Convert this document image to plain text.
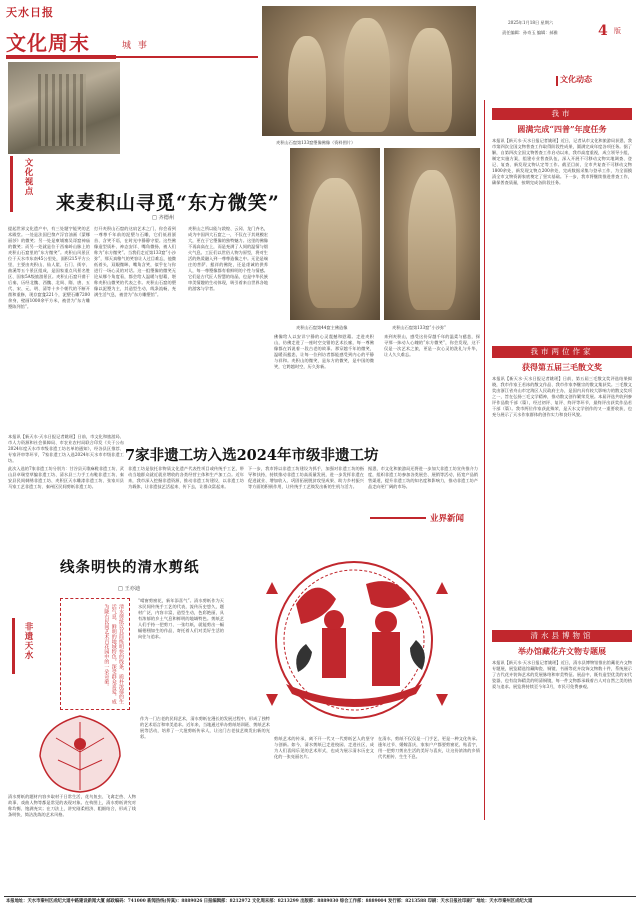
天水日报
文化周末	城 事
2025年1月18日 星期六
责任编辑：孙奇玉 编辑：郝雅	4 版
麦积山石窟第133窟塑像佛像（资料图片）
文化视点
来麦积山寻觅“东方微笑”
□ 齐德州
提起世界文化遗产中，有三处题字能笑的艺术殿堂。一处是法国巴黎卢浮宫油画《蒙娜丽莎》的微笑；另一处是柬埔寨吴哥窟神庙的微笑；而另一处就是位于西秦岭山脉上的麦积山石窟里的“东方微笑”。麦积山风景区位于天水市东南45公里处，面积215平方公里，主要由麦积山、仙人崖、石门、街亭、曲溪等五个景区组成，是国家重点风景名胜区、国家5A级旅游景区。麦积山石窟开凿于后秦，历经北魏、西魏、北周、隋、唐、五代、宋、元、明、清等十多个朝代的不断开凿和重修，现存窟龛221个，泥塑石雕7200余身，壁画1000余平方米，被誉为“东方雕塑陈列馆”。
打开麦积山石窟的这扇艺术之门，你会看到一尊尊千年前的泥塑与石雕，它们低眉颔首、含笑不语，在时光中静静守望。这些佛像造型质朴、神态安详、嘴角微扬，被人们称为“东方微笑”。当我们走近第133窟“小沙弥”，那天真稚气的笑容让人过目难忘，他微低着头，双眼微眯，嘴角含笑，似乎在与你进行一场心灵的对话。这一组塑像的微笑无论从哪个角度看，都会给人温暖与慰藉，堪称麦积山微笑的代表之作。麦积山石窟的塑像以泥塑为主，其造型生动，线条流畅，充满生活气息，被誉为“东方雕塑馆”。
麦积山之所以能与敦煌、云冈、龙门齐名，成为中国四大石窟之一，不仅在于其规模宏大，更在于它塑像的独特魅力。这里的佛像不再高高在上，而是充满了人间的温情与烟火气息。工匠们以世俗人物为原型，将对生活的热爱融入到一尊尊造像之中。无论是端庄的菩萨、慈祥的佛陀，还是虔诚的供养人，每一尊塑像都有着鲜明的个性与情感。它们是古代匠人智慧的结晶，也是中华民族审美情趣的生动体现，吸引着来自世界各地的游客与学者。
麦积山石窟第44窟主佛造像	麦积山石窟第133窟“小沙弥”
佛像给人以安详宁静的心灵震撼和慰藉。走进麦积山，仿佛走进了一座时空交错的艺术长廊，每一尊佛像都在诉说着一段古老的故事。那穿越千年的微笑，温暖而慈悲，让每一位到访者都能感受到内心的平静与祥和。麦积山的微笑，是东方的微笑，是中国的微笑，它跨越时空，历久弥新。
来到麦积山，感受这份穿越千年的温柔与慈悲，探寻那一抹动人心魄的“东方微笑”，你会发现，这不仅是一次艺术之旅，更是一次心灵的洗礼与升华，让人久久难忘。
7家非遗工坊入选2024年市级非遗工坊
本报讯【新天水·天水日报记者姚瑶】日前，市文化和旅游局、市人力资源和社会保障局、市农业农村局联合印发《关于公布2024年度天水市市级非遗工坊名单的通知》，经各县区推荐、专家评审等环节，7家非遗工坊入选2024年天水市市级非遗工坊。
此次入选的7家非遗工坊分别为：甘谷县天歌麻鞋非遗工坊、武山县卓瑞堂草编非遗工坊、清水县三力手工布鞋非遗工坊、秦安县民间刺绣非遗工坊、麦积区天水雕漆非遗工坊、张家川县马家工艺非遗工坊、秦州区民间剪纸非遗工坊。
非遗工坊是依托非物质文化遗产代表性项目或传统手工艺，带动当地群众就近就业增收的各类经营主体和生产加工点。近年来，我市深入挖掘非遗资源，推动非遗工坊建设，以非遗工坊为载体，让非遗技艺活起来、传下去，让群众富起来。
下一步，我市将以非遗工坊建设为抓手，加强对非遗工坊的指导和扶持，持续推动非遗工坊高质量发展，进一步发挥非遗在促进就业、增加收入、巩固拓展脱贫攻坚成果、助力乡村振兴等方面的积极作用，让传统手工艺焕发出新的生机与活力。
据悉，市文化和旅游局还将进一步加大非遗工坊宣传推介力度，组织非遗工坊参加各类展会、展销等活动，拓宽产品销售渠道，提升非遗工坊的知名度和影响力，推动非遗工坊产品走向更广阔的市场。
业界新闻
线条明快的清水剪纸
□ 王亦迪
非遗天水	清水剪纸以其简练明快的线条、质朴浓郁的生活气息、鲜明的地域特色，深受群众喜爱，成为陇右民间艺术百花园中的一朵奇葩。
“晴窗剪窗花，新年添喜气”。清水剪纸作为天水民间传统手工艺的代表，流传历史悠久，题材广泛，内容丰富，造型生动，色彩艳丽，具有浓郁的乡土气息和鲜明的地域特色。剪纸艺人们手持一把剪刀、一张红纸，就能剪出一幅幅栩栩如生的作品，寄托着人们对美好生活的向往与追求。
剪纸艺术的传承，离不开一代又一代剪纸艺人的坚守与创新。如今，清水剪纸已走进校园、走进社区，成为人们喜闻乐见的艺术形式，也成为展示清水历史文化的一张亮丽名片。
在清水，剪纸不仅仅是一门手艺，更是一种文化传承。逢年过节、婚嫁喜庆，家家户户都要剪窗花、贴喜字，用一把剪刀剪出生活的美好与喜庆，让这份浓浓的乡情代代相传、生生不息。
清水剪纸的题材内容多取材于日常生活，花鸟鱼虫、飞禽走兽、人物故事、戏曲人物等都是常见的表现对象。在构图上，清水剪纸讲究对称均衡、饱满充实；在刀法上，讲究刚柔相济、粗细结合，形成了线条明快、简洁洗练的艺术风格。
作为一门古老的民间艺术，清水剪纸在漫长的发展过程中，形成了独特的艺术语言和审美追求。近年来，当地通过举办剪纸培训班、剪纸艺术展等活动，培养了一大批剪纸传承人，让这门古老技艺焕发出新的光彩。
文化动态
我市
圆满完成“四普”年度任务
本报讯【新天水·天水日报记者姚瑶】近日，记者从市文化和旅游局获悉，我市第四次全国文物普查工作取得阶段性成果，圆满完成年度各项任务。据了解，自第四次全国文物普查工作启动以来，我市高度重视，成立领导小组，制定实施方案，组建专业普查队伍，深入开展不可移动文物实地调查、登记、复查、新发现文物认定等工作。截至目前，全市共复查不可移动文物1800余处，新发现文物点200余处，完成数据采集与登录工作，为全面摸清全市文物资源家底奠定了坚实基础。下一步，我市将继续推进普查工作，确保普查质量，按期完成各阶段任务。
我市两位作家
获得第五届三毛散文奖
本报讯【新天水·天水日报记者姚瑶】日前，第五届三毛散文奖评选结果揭晓，我市作家王若冰的散文作品、我市作家李继宗的散文集获奖。三毛散文奖由浙江省舟山市定海区人民政府主办，是国内具有较大影响力的散文奖项之一，旨在弘扬三毛文学精神，推动散文创作繁荣发展。本届评选共收到参评作品数千部（篇），经过初评、复评、终评等环节，最终评出获奖作品若干部（篇）。我市两位作家获此殊荣，是天水文学创作的又一重要收获，也充分展示了天水作家群体的创作实力和良好风貌。
清水县博物馆
举办馆藏花卉文物专题展
本报讯【新天水·天水日报记者姚瑶】近日，清水县博物馆推出馆藏花卉文物专题展，展览精选馆藏陶瓷、铜镜、书画等花卉纹饰文物数十件，系统展示了古代花卉装饰艺术的发展脉络和审美特征。展品中，既有造型优美的宋代瓷器，也有纹饰精美的明清铜镜，每一件文物都承载着古人对自然之美的热爱与追求。展览将持续至今年3月，市民可免费参观。
本报地址：天水市秦州区成纪大道中路建设新闻大厦 邮政编码：741000 新闻热线(传真)：8889026 日报编辑部：8212972 文化周末部：8213299 出版部：8889030 综合工作部：8889004 发行部：8213588 印刷：天水日报社印刷厂 地址：天水市秦州区成纪大道
